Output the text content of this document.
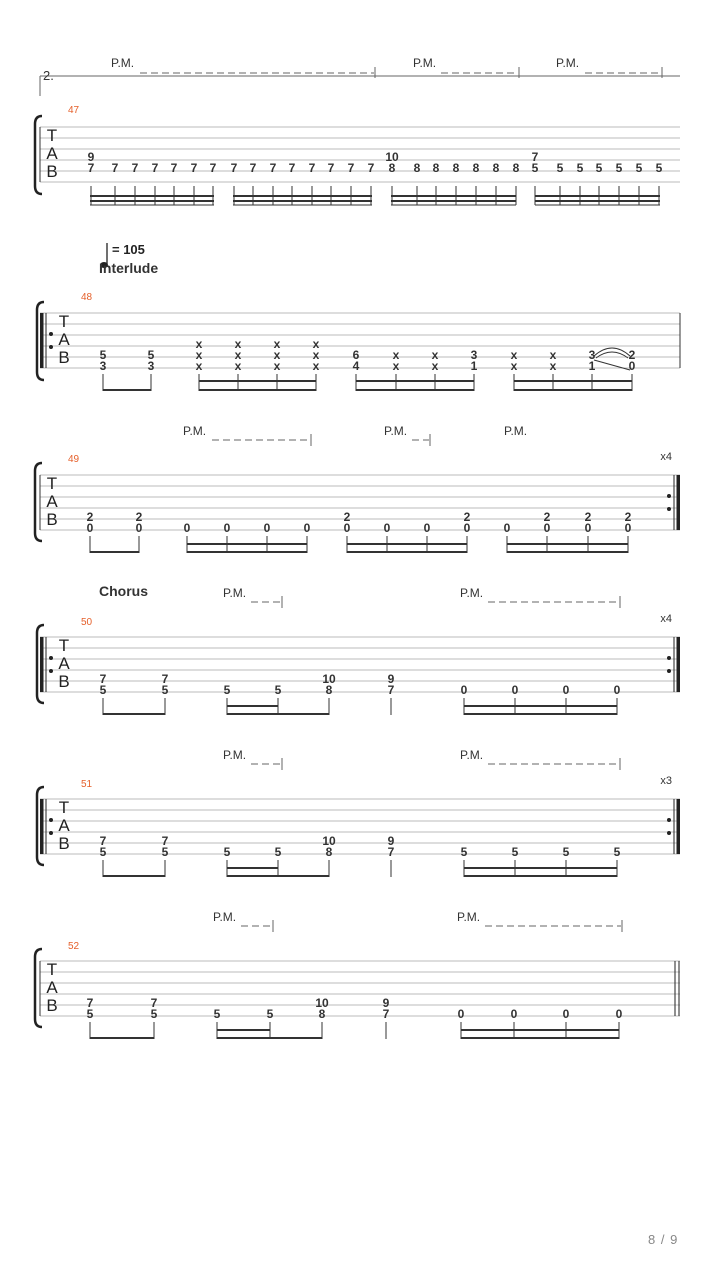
2.
P.M.	P.M.	P.M.
47
T
A
B
9
7 7 7 7 7 7 7 7 7 7 7 7 7 7 7
10
8 8 8 8 8 8 8
7
5 5 5 5 5 5 5
= 105
Interlude
48
T
A
B 5
3
5
3
x
x
x
x
x
x
x
x
x
x
x
x
6
4
x
x
x
x
3
1
x
x
x
x
3
1
2
0
P.M.	P.M.	P.M.
49	x4
T
A
B 2
0
2
0	0	0	0	0
2
0	0	0
2
0	0
2
0
2
0
2
0
Chorus	P.M.	P.M.
50	x4
T
A
B 7
5
7
5	5	5
10
8
9
7	0	0	0	0
P.M.	P.M.
51	x3
T
A
B 7
5
7
5	5	5
10
8
9
7	5	5	5	5
P.M.	P.M.
52
T
A
B 7
5
7
5	5	5
10
8
9
7	0	0	0	0
8 / 9
